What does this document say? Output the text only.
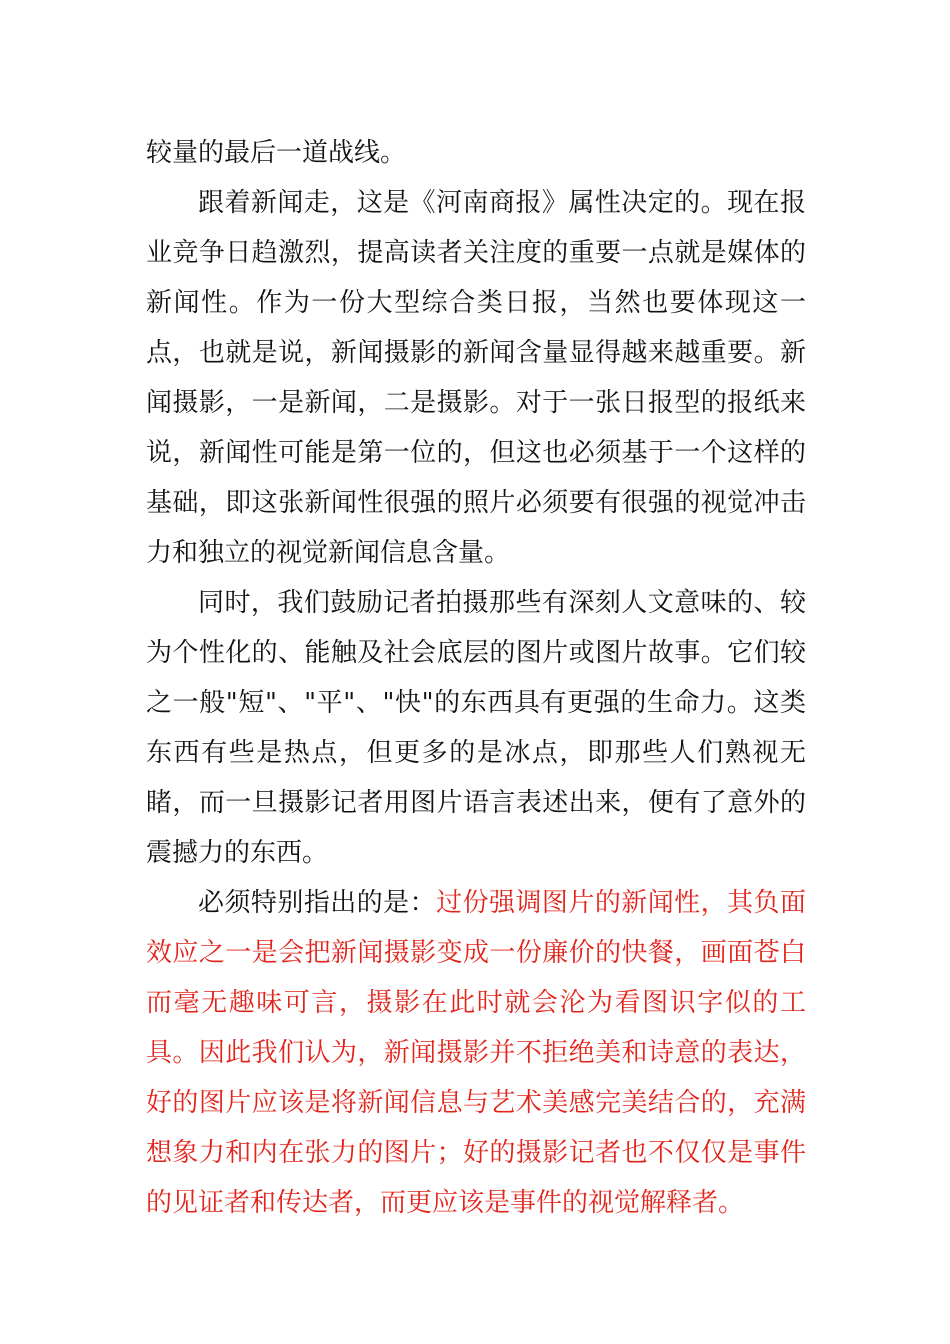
较量的最后一道战线。

跟着新闻走，这是《河南商报》属性决定的。现在报业竞争日趋激烈，提高读者关注度的重要一点就是媒体的新闻性。作为一份大型综合类日报，当然也要体现这一点，也就是说，新闻摄影的新闻含量显得越来越重要。新闻摄影，一是新闻，二是摄影。对于一张日报型的报纸来说，新闻性可能是第一位的，但这也必须基于一个这样的基础，即这张新闻性很强的照片必须要有很强的视觉冲击力和独立的视觉新闻信息含量。

同时，我们鼓励记者拍摄那些有深刻人文意味的、较为个性化的、能触及社会底层的图片或图片故事。它们较之一般"短"、"平"、"快"的东西具有更强的生命力。这类东西有些是热点，但更多的是冰点，即那些人们熟视无睹，而一旦摄影记者用图片语言表述出来，便有了意外的震撼力的东西。

必须特别指出的是：过份强调图片的新闻性，其负面效应之一是会把新闻摄影变成一份廉价的快餐，画面苍白而毫无趣味可言，摄影在此时就会沦为看图识字似的工具。因此我们认为，新闻摄影并不拒绝美和诗意的表达，好的图片应该是将新闻信息与艺术美感完美结合的，充满想象力和内在张力的图片；好的摄影记者也不仅仅是事件的见证者和传达者，而更应该是事件的视觉解释者。
